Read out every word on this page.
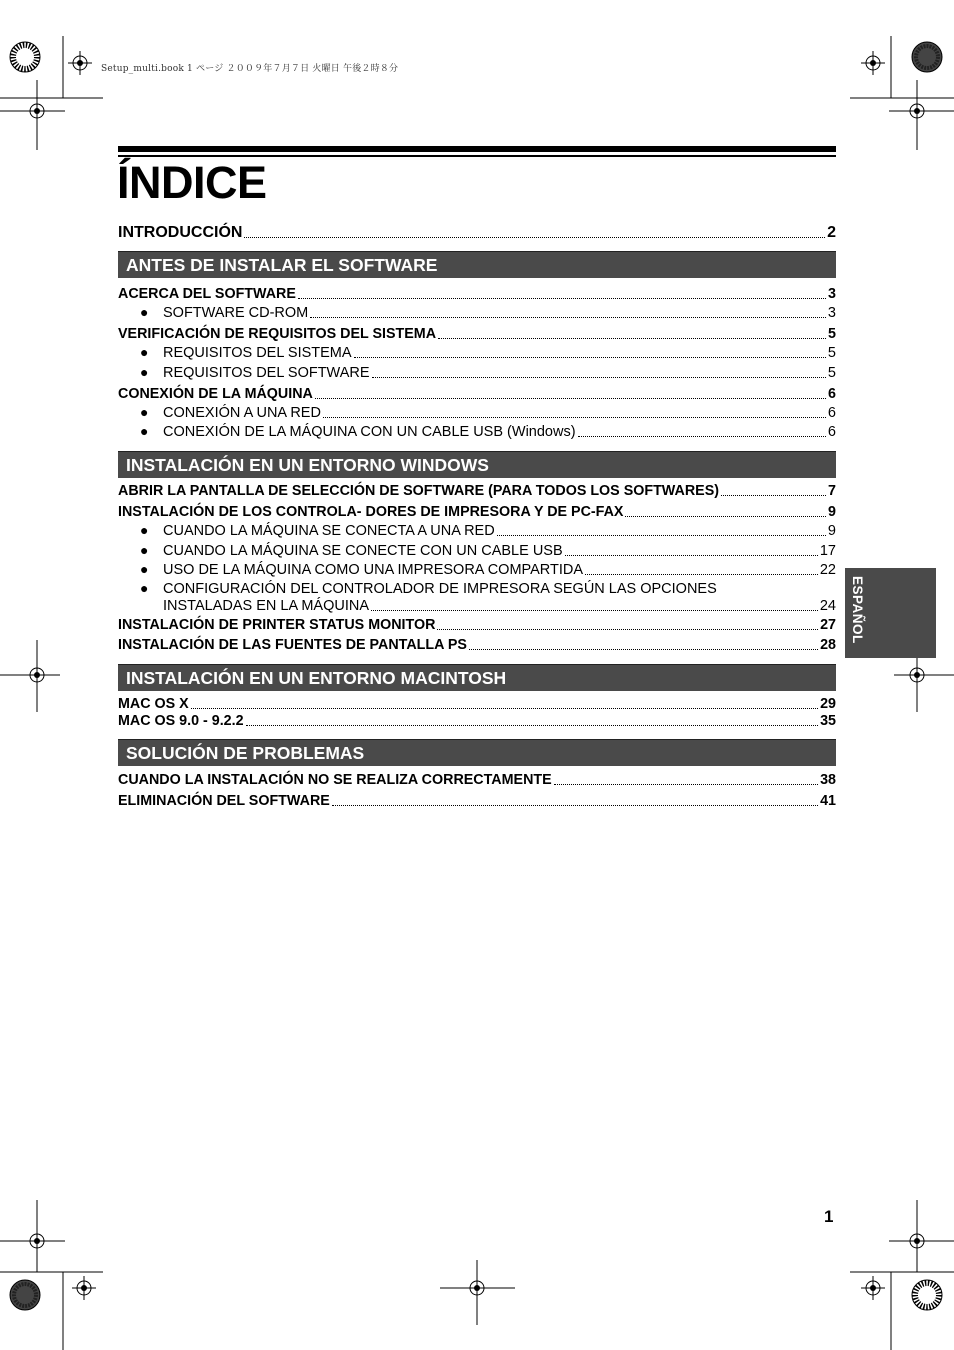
Setup_multi.book 1 ページ ２００９年７月７日 火曜日 午後２時８分
ÍNDICE
INTRODUCCIÓN	2
ANTES DE INSTALAR EL SOFTWARE
ACERCA DEL SOFTWARE	3
●	SOFTWARE CD-ROM	3
VERIFICACIÓN DE REQUISITOS DEL SISTEMA	5
●	REQUISITOS DEL SISTEMA	5
●	REQUISITOS DEL SOFTWARE	5
CONEXIÓN DE LA MÁQUINA	6
●	CONEXIÓN A UNA RED	6
●	CONEXIÓN DE LA MÁQUINA CON UN CABLE USB (Windows)	6
INSTALACIÓN EN UN ENTORNO WINDOWS
ABRIR LA PANTALLA DE SELECCIÓN DE SOFTWARE (PARA TODOS LOS SOFTWARES)	7
INSTALACIÓN DE LOS CONTROLA- DORES DE IMPRESORA Y DE PC-FAX	9
●	CUANDO LA MÁQUINA SE CONECTA A UNA RED	9
●	CUANDO LA MÁQUINA SE CONECTE CON UN CABLE USB	17
●	USO DE LA MÁQUINA COMO UNA IMPRESORA COMPARTIDA	22
●	CONFIGURACIÓN DEL CONTROLADOR DE IMPRESORA SEGÚN LAS OPCIONES
INSTALADAS EN LA MÁQUINA	24
INSTALACIÓN DE PRINTER STATUS MONITOR	27
INSTALACIÓN DE LAS FUENTES DE PANTALLA PS	28
INSTALACIÓN EN UN ENTORNO MACINTOSH
MAC OS X	29
MAC OS 9.0 - 9.2.2	35
SOLUCIÓN DE PROBLEMAS
CUANDO LA INSTALACIÓN NO SE REALIZA CORRECTAMENTE	38
ELIMINACIÓN DEL SOFTWARE	41
ESPAÑOL
1
